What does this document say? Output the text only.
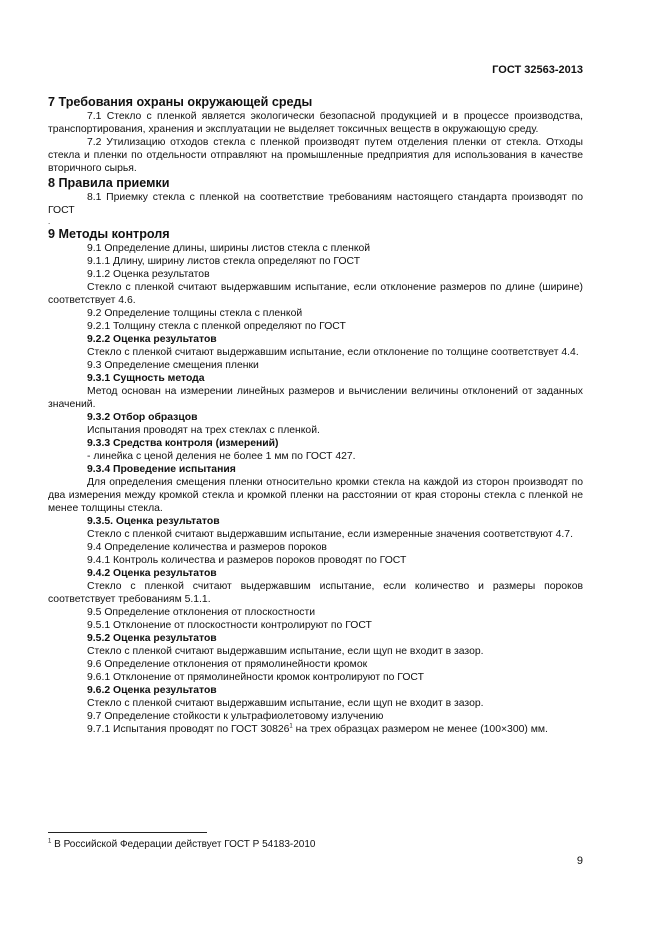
ГОСТ 32563-2013

7 Требования охраны окружающей среды

7.1 Стекло с пленкой является экологически безопасной продукцией и в процессе производства, транспортирования, хранения и эксплуатации не выделяет токсичных веществ в окружающую среду.

7.2 Утилизацию отходов стекла с пленкой производят путем отделения пленки от стекла. Отходы стекла и пленки по отдельности отправляют на промышленные предприятия для использования в качестве вторичного сырья.

8 Правила приемки

8.1 Приемку стекла с пленкой на соответствие требованиям настоящего стандарта производят по ГОСТ

.

9 Методы контроля

9.1 Определение длины, ширины листов стекла с пленкой

9.1.1 Длину, ширину листов стекла определяют по ГОСТ

9.1.2 Оценка результатов

Стекло с пленкой считают выдержавшим испытание, если отклонение размеров по длине (ширине) соответствует 4.6.

9.2 Определение толщины стекла с пленкой

9.2.1 Толщину стекла с пленкой определяют по ГОСТ

9.2.2 Оценка результатов

Стекло с пленкой считают выдержавшим испытание, если отклонение по толщине соответствует 4.4.

9.3 Определение смещения пленки

9.3.1 Сущность метода

Метод основан на измерении линейных размеров и вычислении величины отклонений от заданных значений.

9.3.2 Отбор образцов

Испытания проводят на трех стеклах с пленкой.

9.3.3 Средства контроля (измерений)

- линейка с ценой деления не более 1 мм по ГОСТ 427.

9.3.4 Проведение испытания

Для определения смещения пленки относительно кромки стекла на каждой из сторон производят по два измерения между кромкой стекла и кромкой пленки на расстоянии от края стороны стекла с пленкой не менее толщины стекла.

9.3.5. Оценка результатов

Стекло с пленкой считают выдержавшим испытание, если измеренные значения соответствуют 4.7.

9.4 Определение количества и размеров пороков

9.4.1 Контроль количества и размеров пороков проводят по ГОСТ

9.4.2 Оценка результатов

Стекло с пленкой считают выдержавшим испытание, если количество и размеры пороков соответствует требованиям 5.1.1.

9.5 Определение отклонения от плоскостности

9.5.1 Отклонение от плоскостности контролируют по ГОСТ

9.5.2 Оценка результатов

Стекло с пленкой считают выдержавшим испытание, если щуп не входит в зазор.

9.6 Определение отклонения от прямолинейности кромок

9.6.1 Отклонение от прямолинейности кромок контролируют по ГОСТ

9.6.2 Оценка результатов

Стекло с пленкой считают выдержавшим испытание, если щуп не входит в зазор.

9.7 Определение стойкости к ультрафиолетовому излучению

9.7.1 Испытания проводят по ГОСТ 30826$^1$ на трех образцах размером не менее (100×300) мм.

$^1$ В Российской Федерации действует ГОСТ Р 54183-2010
9
